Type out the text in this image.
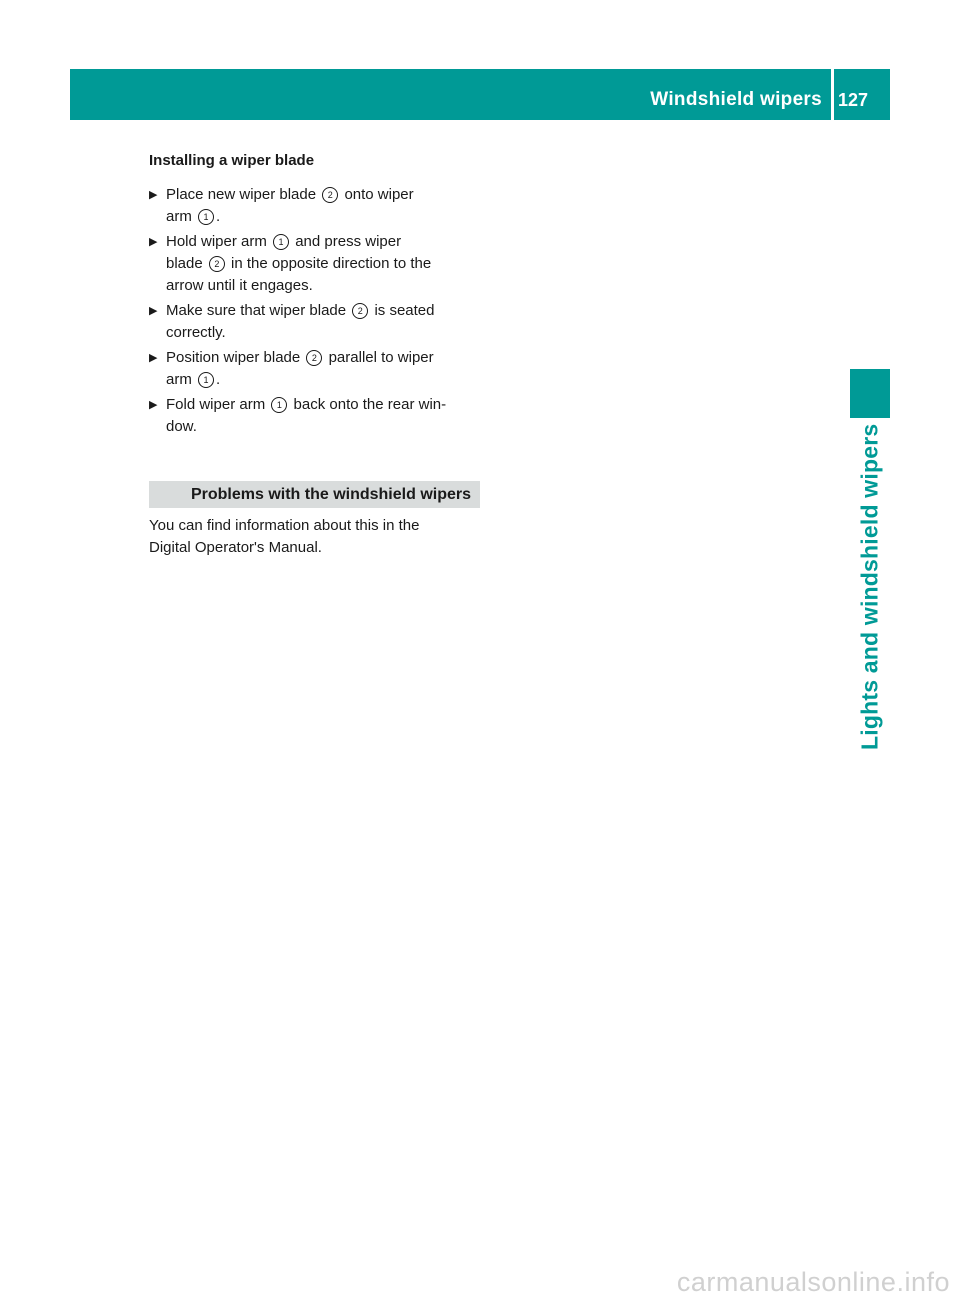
Windshield wipers 127
Lights and windshield wipers
Installing a wiper blade
▶ Place new wiper blade 2 onto wiper
arm 1 .
▶ Hold wiper arm 1 and press wiper
blade 2 in the opposite direction to the
arrow until it engages.
▶ Make sure that wiper blade 2 is seated
correctly.
▶ Position wiper blade 2 parallel to wiper
arm 1 .
▶ Fold wiper arm 1 back onto the rear win-
dow.
Problems with the windshield wipers
You can find information about this in the
Digital Operator's Manual.
carmanualsonline.info
